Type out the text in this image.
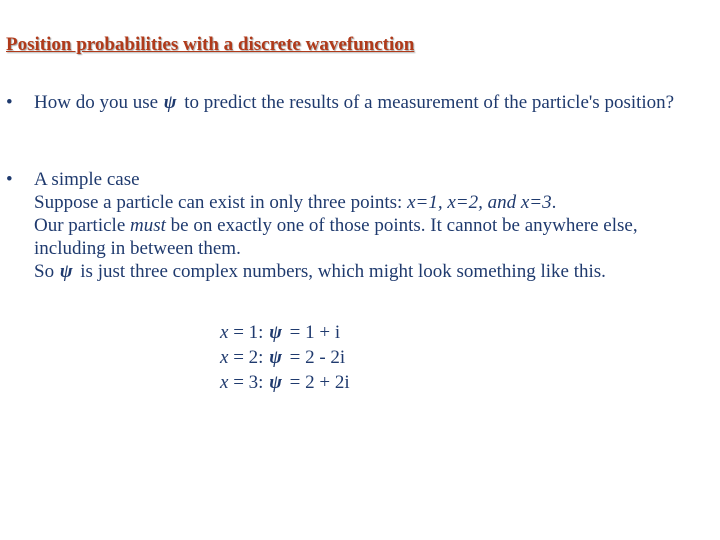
Position probabilities with a discrete wavefunction
•	How do you use ψ to predict the results of a measurement of the particle's position?
•	A simple case
Suppose a particle can exist in only three points: x=1, x=2, and x=3.
Our particle must be on exactly one of those points. It cannot be anywhere else, including in between them.
So ψ is just three complex numbers, which might look something like this.
x = 1: ψ = 1 + i
x = 2: ψ = 2 - 2i
x = 3: ψ = 2 + 2i
